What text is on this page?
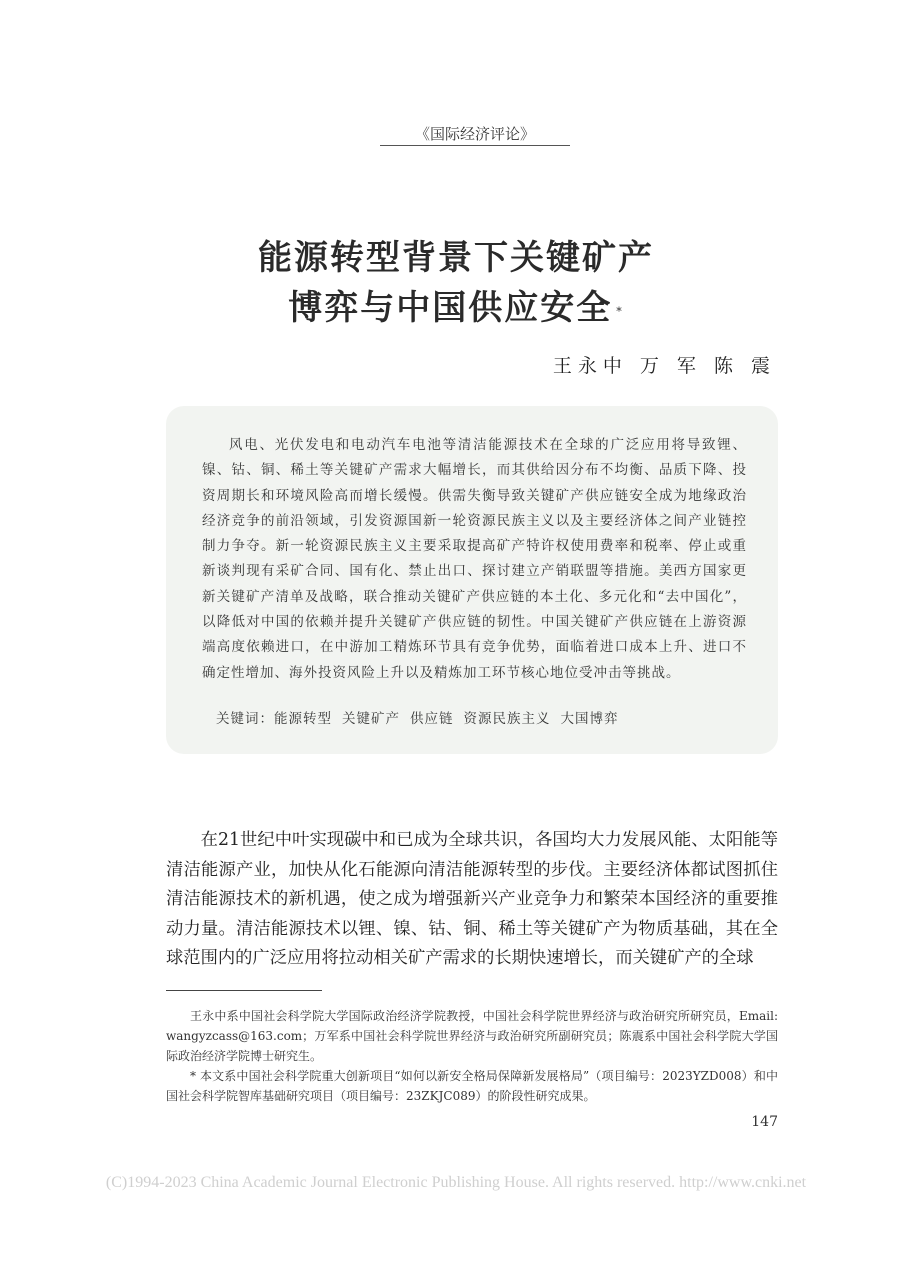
《国际经济评论》
能源转型背景下关键矿产
博弈与中国供应安全 *
王永中 万 军 陈 震
风电、光伏发电和电动汽车电池等清洁能源技术在全球的广泛应用将导致锂、镍、钴、铜、稀土等关键矿产需求大幅增长，而其供给因分布不均衡、品质下降、投资周期长和环境风险高而增长缓慢。供需失衡导致关键矿产供应链安全成为地缘政治经济竞争的前沿领域，引发资源国新一轮资源民族主义以及主要经济体之间产业链控制力争夺。新一轮资源民族主义主要采取提高矿产特许权使用费率和税率、停止或重新谈判现有采矿合同、国有化、禁止出口、探讨建立产销联盟等措施。美西方国家更新关键矿产清单及战略，联合推动关键矿产供应链的本土化、多元化和“去中国化”，以降低对中国的依赖并提升关键矿产供应链的韧性。中国关键矿产供应链在上游资源端高度依赖进口，在中游加工精炼环节具有竞争优势，面临着进口成本上升、进口不确定性增加、海外投资风险上升以及精炼加工环节核心地位受冲击等挑战。
关键词：能源转型 关键矿产 供应链 资源民族主义 大国博弈
在21世纪中叶实现碳中和已成为全球共识，各国均大力发展风能、太阳能等清洁能源产业，加快从化石能源向清洁能源转型的步伐。主要经济体都试图抓住清洁能源技术的新机遇，使之成为增强新兴产业竞争力和繁荣本国经济的重要推动力量。清洁能源技术以锂、镍、钴、铜、稀土等关键矿产为物质基础，其在全球范围内的广泛应用将拉动相关矿产需求的长期快速增长，而关键矿产的全球
王永中系中国社会科学院大学国际政治经济学院教授，中国社会科学院世界经济与政治研究所研究员，Email: wangyzcass@163.com；万军系中国社会科学院世界经济与政治研究所副研究员；陈震系中国社会科学院大学国际政治经济学院博士研究生。
* 本文系中国社会科学院重大创新项目“如何以新安全格局保障新发展格局”（项目编号：2023YZD008）和中国社会科学院智库基础研究项目（项目编号：23ZKJC089）的阶段性研究成果。
147
(C)1994-2023 China Academic Journal Electronic Publishing House. All rights reserved. http://www.cnki.net
